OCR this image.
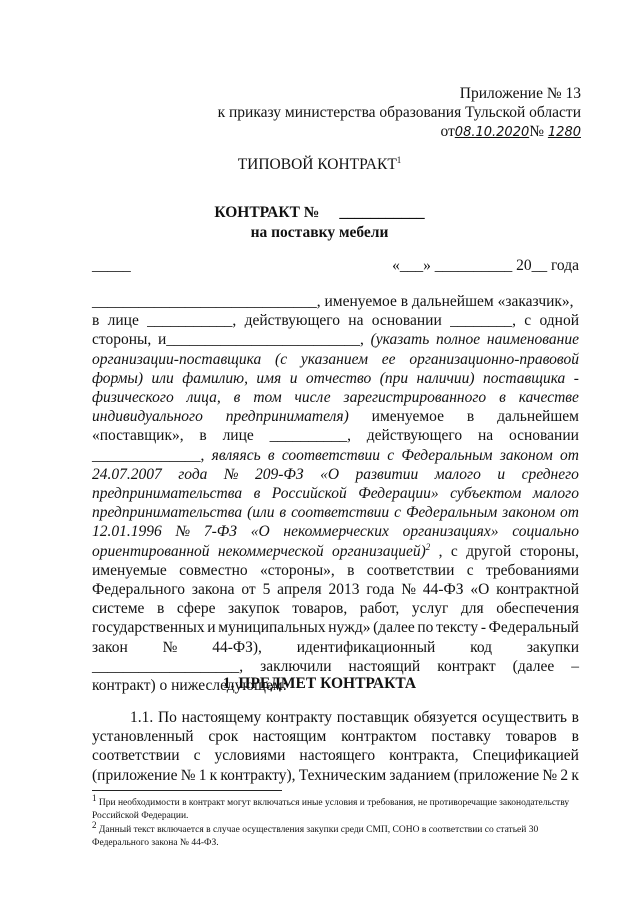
Приложение № 13
к приказу министерства образования Тульской области
от08.10.2020№ 1280
ТИПОВОЙ КОНТРАКТ$^1$
КОНТРАКТ № ___________
на поставку мебели
_____	«___» __________ 20__ года
_____________________________, именуемое в дальнейшем «заказчик»,
в лице ___________, действующего на основании ________, с одной
стороны, и_________________________, (указать полное наименование
организации-поставщика (с указанием ее организационно-правовой
формы) или фамилию, имя и отчество (при наличии) поставщика -
физического лица, в том числе зарегистрированного в качестве
индивидуального предпринимателя) именуемое в дальнейшем
«поставщик», в лице __________, действующего на основании
______________, являясь в соответствии с Федеральным законом от
24.07.2007 года № 209-ФЗ «О развитии малого и среднего
предпринимательства в Российской Федерации» субъектом малого
предпринимательства (или в соответствии с Федеральным законом от
12.01.1996 № 7-ФЗ «О некоммерческих организациях» социально
ориентированной некоммерческой организацией)$^2$ , с другой стороны,
именуемые совместно «стороны», в соответствии с требованиями
Федерального закона от 5 апреля 2013 года № 44-ФЗ «О контрактной
системе в сфере закупок товаров, работ, услуг для обеспечения
государственных и муниципальных нужд» (далее по тексту - Федеральный
закон № 44-ФЗ), идентификационный код закупки
___________________, заключили настоящий контракт (далее –
контракт) о нижеследующем:
1. ПРЕДМЕТ КОНТРАКТА
1.1. По настоящему контракту поставщик обязуется осуществить в
установленный срок настоящим контрактом поставку товаров в
соответствии с условиями настоящего контракта, Спецификацией
(приложение № 1 к контракту), Техническим заданием (приложение № 2 к
1 При необходимости в контракт могут включаться иные условия и требования, не противоречащие законодательству Российской Федерации.
2 Данный текст включается в случае осуществления закупки среди СМП, СОНО в соответствии со статьей 30 Федерального закона № 44-ФЗ.
